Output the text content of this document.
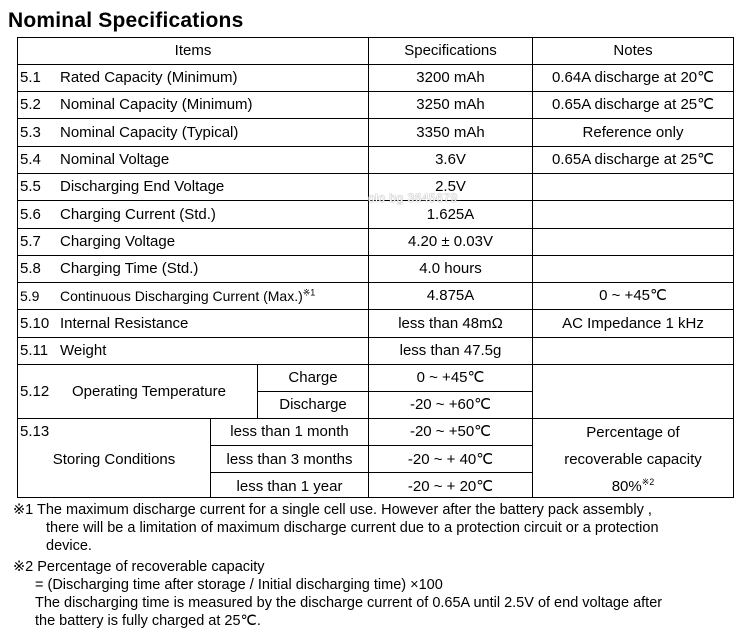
Nominal Specifications
Items	Specifications	Notes
5.1 Rated Capacity (Minimum)	3200 mAh	0.64A discharge at 20℃
5.2 Nominal Capacity (Minimum)	3250 mAh	0.65A discharge at 25℃
5.3 Nominal Capacity (Typical)	3350 mAh	Reference only
5.4 Nominal Voltage	3.6V	0.65A discharge at 25℃
5.5 Discharging End Voltage	2.5V
5.6 Charging Current (Std.)	1.625A
5.7 Charging Voltage	4.20 ± 0.03V
5.8 Charging Time (Std.)	4.0 hours
5.9 Continuous Discharging Current $(Max.)^{※1}$	4.875A	0 ~ +45℃
5.10 Internal Resistance	less than 48mΩ	AC Impedance 1 kHz
5.11 Weight	less than 47.5g
5.12 Operating Temperature
Charge	0 ~ +45℃
Discharge	-20 ~ +60℃
5.13
Storing Conditions
less than 1 month	-20 ~ +50℃
less than 3 months	-20 ~ + 40℃
less than 1 year	-20 ~ + 20℃
Percentage of
recoverable capacity
80%$^{※2}$
olo bg 3645679
※1 The maximum discharge current for a single cell use. However after the battery pack assembly ,
there will be a limitation of maximum discharge current due to a protection circuit or a protection
device.
※2 Percentage of recoverable capacity
= (Discharging time after storage / Initial discharging time) ×100
The discharging time is measured by the discharge current of 0.65A until 2.5V of end voltage after
the battery is fully charged at 25℃.
